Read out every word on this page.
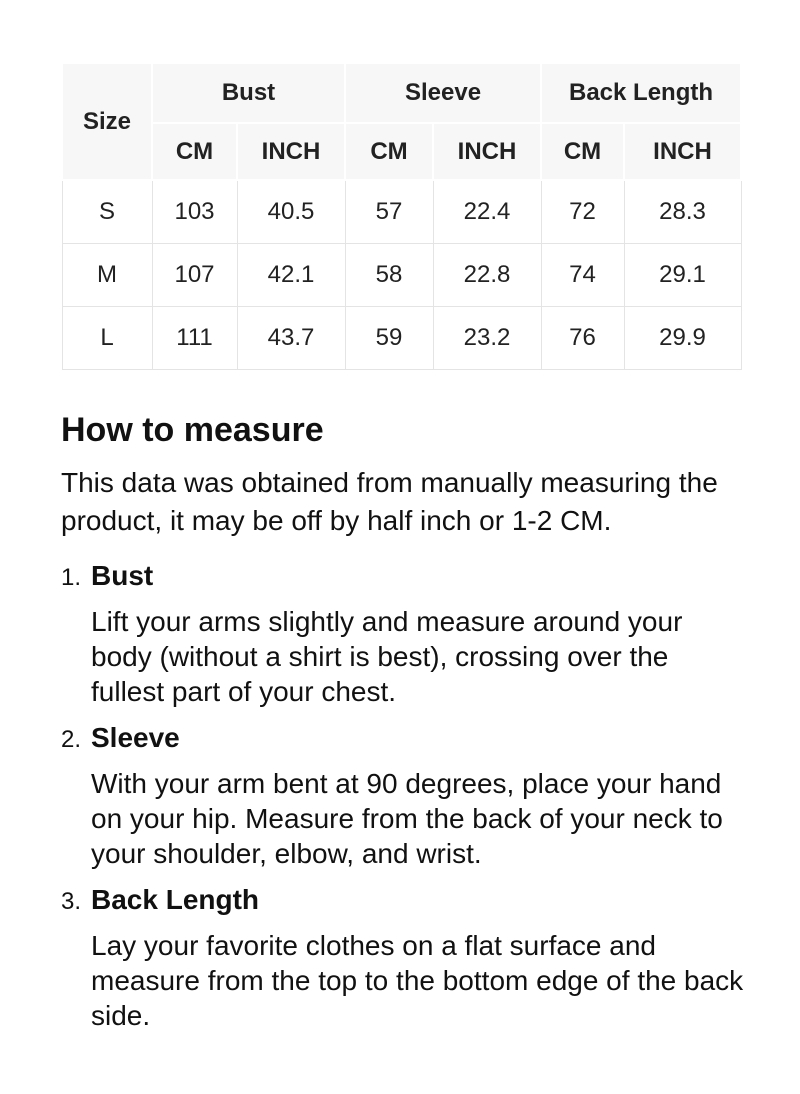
Size	Bust		Sleeve		Back Length	
	CM	INCH	CM	INCH	CM	INCH
S	103	40.5	57	22.4	72	28.3
M	107	42.1	58	22.8	74	29.1
L	111	43.7	59	23.2	76	29.9
How to measure

This data was obtained from manually measuring the product, it may be off by half inch or 1-2 CM.

1. Bust
Lift your arms slightly and measure around your body (without a shirt is best), crossing over the fullest part of your chest.
2. Sleeve
With your arm bent at 90 degrees, place your hand on your hip. Measure from the back of your neck to your shoulder, elbow, and wrist.
3. Back Length
Lay your favorite clothes on a flat surface and measure from the top to the bottom edge of the back side.
